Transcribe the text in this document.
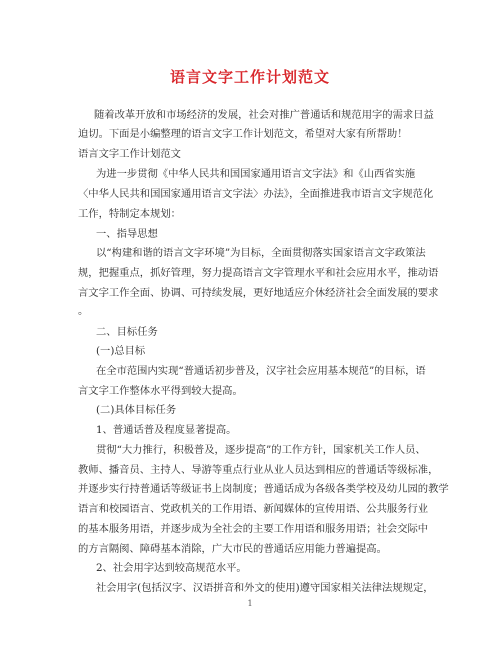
语言文字工作计划范文
随着改革开放和市场经济的发展，社会对推广普通话和规范用字的需求日益
迫切。下面是小编整理的语言文字工作计划范文，希望对大家有所帮助！
语言文字工作计划范文
为进一步贯彻《中华人民共和国国家通用语言文字法》和《山西省实施
〈中华人民共和国国家通用语言文字法〉办法》，全面推进我市语言文字规范化
工作，特制定本规划：
一、指导思想
以“构建和谐的语言文字环境”为目标，全面贯彻落实国家语言文字政策法
规，把握重点，抓好管理，努力提高语言文字管理水平和社会应用水平，推动语
言文字工作全面、协调、可持续发展，更好地适应介休经济社会全面发展的要求
。
二、目标任务
(一)总目标
在全市范围内实现“普通话初步普及，汉字社会应用基本规范”的目标，语
言文字工作整体水平得到较大提高。
(二)具体目标任务
1、普通话普及程度显著提高。
贯彻“大力推行，积极普及，逐步提高”的工作方针，国家机关工作人员、
教师、播音员、主持人、导游等重点行业从业人员达到相应的普通话等级标准，
并逐步实行持普通话等级证书上岗制度；普通话成为各级各类学校及幼儿园的教学
语言和校园语言、党政机关的工作用语、新闻媒体的宣传用语、公共服务行业
的基本服务用语，并逐步成为全社会的主要工作用语和服务用语；社会交际中
的方言隔阂、障碍基本消除，广大市民的普通话应用能力普遍提高。
2、社会用字达到较高规范水平。
社会用字(包括汉字、汉语拼音和外文的使用)遵守国家相关法律法规规定，
1
